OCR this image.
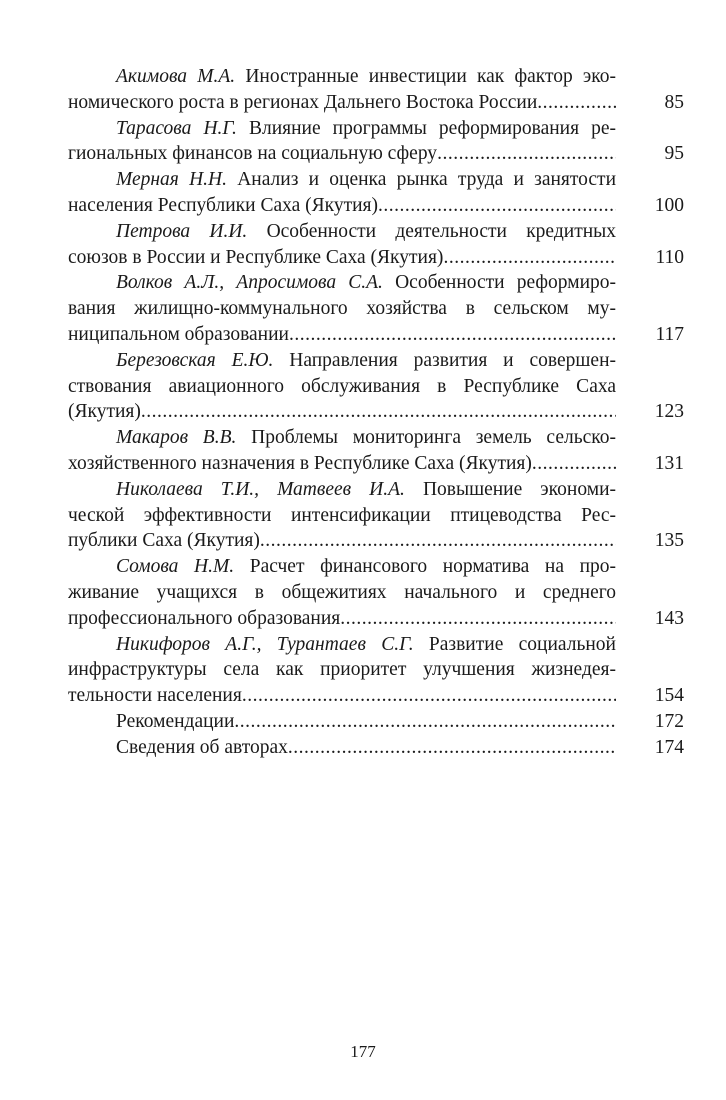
Акимова М.А. Иностранные инвестиции как фактор эко-
номического роста в регионах Дальнего Востока России .....	85
Тарасова Н.Г. Влияние программы реформирования ре-
гиональных финансов на социальную сферу .....	95
Мерная Н.Н. Анализ и оценка рынка труда и занятости
населения Республики Саха (Якутия) .....	100
Петрова И.И. Особенности деятельности кредитных
союзов в России и Республике Саха (Якутия) .....	110
Волков А.Л., Апросимова С.А. Особенности реформиро-
вания жилищно-коммунального хозяйства в сельском му-
ниципальном образовании .....	117
Березовская Е.Ю. Направления развития и совершен-
ствования авиационного обслуживания в Республике Саха
(Якутия) .....	123
Макаров В.В. Проблемы мониторинга земель сельско-
хозяйственного назначения в Республике Саха (Якутия) .....	131
Николаева Т.И., Матвеев И.А. Повышение экономи-
ческой эффективности интенсификации птицеводства Рес-
публики Саха (Якутия) .....	135
Сомова Н.М. Расчет финансового норматива на про-
живание учащихся в общежитиях начального и среднего
профессионального образования .....	143
Никифоров А.Г., Турантаев С.Г. Развитие социальной
инфраструктуры села как приоритет улучшения жизнедея-
тельности населения .....	154
Рекомендации .....	172
Сведения об авторах .....	174
177
